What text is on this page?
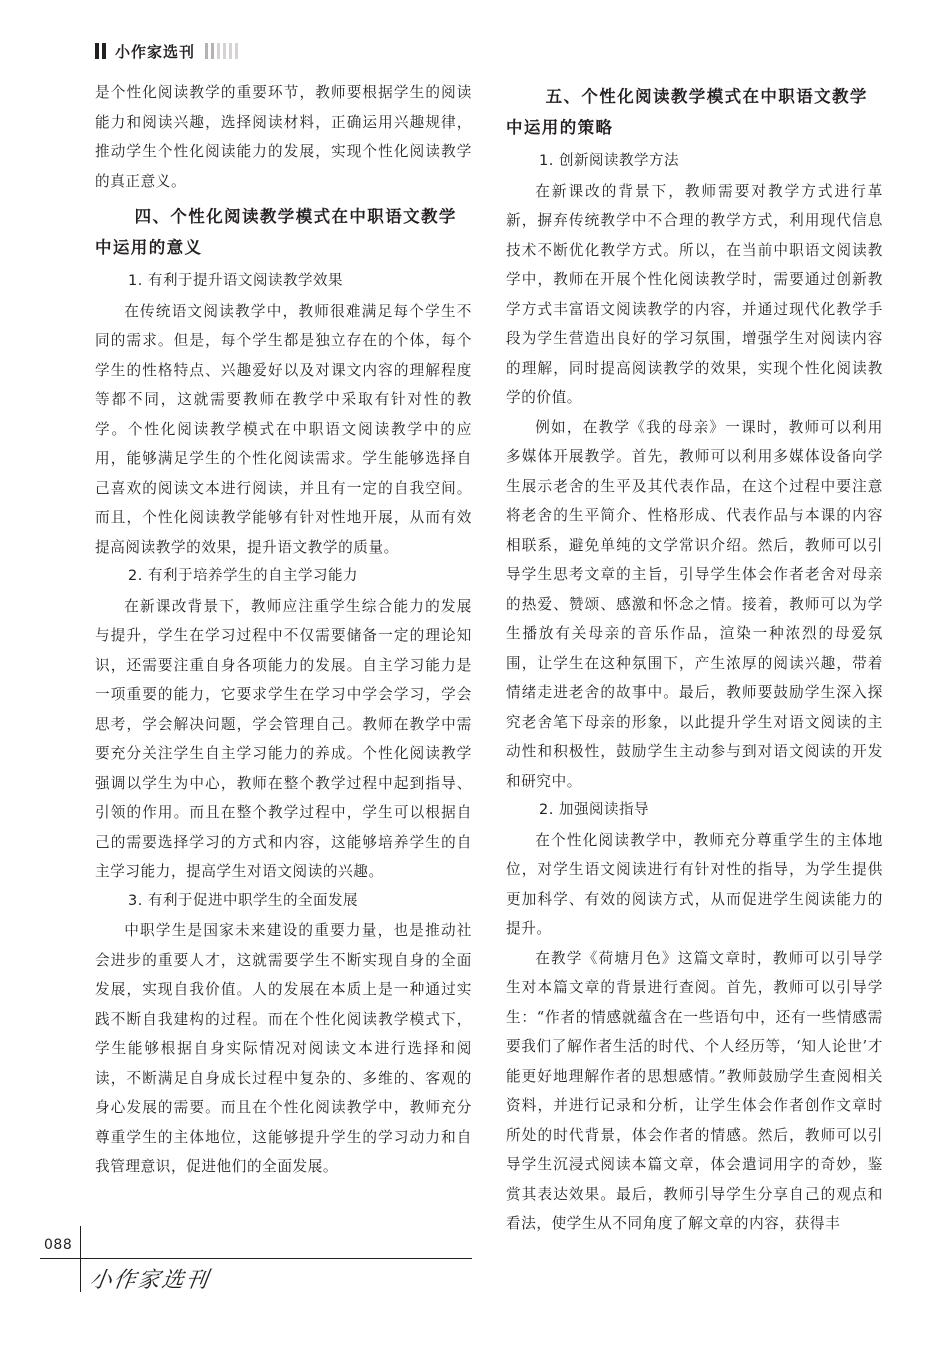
小作家选刊

是个性化阅读教学的重要环节，教师要根据学生的阅读能力和阅读兴趣，选择阅读材料，正确运用兴趣规律，推动学生个性化阅读能力的发展，实现个性化阅读教学的真正意义。

四、个性化阅读教学模式在中职语文教学中运用的意义
1. 有利于提升语文阅读教学效果

在传统语文阅读教学中，教师很难满足每个学生不同的需求。但是，每个学生都是独立存在的个体，每个学生的性格特点、兴趣爱好以及对课文内容的理解程度等都不同，这就需要教师在教学中采取有针对性的教学。个性化阅读教学模式在中职语文阅读教学中的应用，能够满足学生的个性化阅读需求。学生能够选择自己喜欢的阅读文本进行阅读，并且有一定的自我空间。而且，个性化阅读教学能够有针对性地开展，从而有效提高阅读教学的效果，提升语文教学的质量。

2. 有利于培养学生的自主学习能力

在新课改背景下，教师应注重学生综合能力的发展与提升，学生在学习过程中不仅需要储备一定的理论知识，还需要注重自身各项能力的发展。自主学习能力是一项重要的能力，它要求学生在学习中学会学习，学会思考，学会解决问题，学会管理自己。教师在教学中需要充分关注学生自主学习能力的养成。个性化阅读教学强调以学生为中心，教师在整个教学过程中起到指导、引领的作用。而且在整个教学过程中，学生可以根据自己的需要选择学习的方式和内容，这能够培养学生的自主学习能力，提高学生对语文阅读的兴趣。

3. 有利于促进中职学生的全面发展

中职学生是国家未来建设的重要力量，也是推动社会进步的重要人才，这就需要学生不断实现自身的全面发展，实现自我价值。人的发展在本质上是一种通过实践不断自我建构的过程。而在个性化阅读教学模式下，学生能够根据自身实际情况对阅读文本进行选择和阅读，不断满足自身成长过程中复杂的、多维的、客观的身心发展的需要。而且在个性化阅读教学中，教师充分尊重学生的主体地位，这能够提升学生的学习动力和自我管理意识，促进他们的全面发展。

五、个性化阅读教学模式在中职语文教学中运用的策略
1. 创新阅读教学方法

在新课改的背景下，教师需要对教学方式进行革新，摒弃传统教学中不合理的教学方式，利用现代信息技术不断优化教学方式。所以，在当前中职语文阅读教学中，教师在开展个性化阅读教学时，需要通过创新教学方式丰富语文阅读教学的内容，并通过现代化教学手段为学生营造出良好的学习氛围，增强学生对阅读内容的理解，同时提高阅读教学的效果，实现个性化阅读教学的价值。

例如，在教学《我的母亲》一课时，教师可以利用多媒体开展教学。首先，教师可以利用多媒体设备向学生展示老舍的生平及其代表作品，在这个过程中要注意将老舍的生平简介、性格形成、代表作品与本课的内容相联系，避免单纯的文学常识介绍。然后，教师可以引导学生思考文章的主旨，引导学生体会作者老舍对母亲的热爱、赞颂、感激和怀念之情。接着，教师可以为学生播放有关母亲的音乐作品，渲染一种浓烈的母爱氛围，让学生在这种氛围下，产生浓厚的阅读兴趣，带着情绪走进老舍的故事中。最后，教师要鼓励学生深入探究老舍笔下母亲的形象，以此提升学生对语文阅读的主动性和积极性，鼓励学生主动参与到对语文阅读的开发和研究中。

2. 加强阅读指导

在个性化阅读教学中，教师充分尊重学生的主体地位，对学生语文阅读进行有针对性的指导，为学生提供更加科学、有效的阅读方式，从而促进学生阅读能力的提升。

在教学《荷塘月色》这篇文章时，教师可以引导学生对本篇文章的背景进行查阅。首先，教师可以引导学生：“作者的情感就蕴含在一些语句中，还有一些情感需要我们了解作者生活的时代、个人经历等，‘知人论世’才能更好地理解作者的思想感情。”教师鼓励学生查阅相关资料，并进行记录和分析，让学生体会作者创作文章时所处的时代背景，体会作者的情感。然后，教师可以引导学生沉浸式阅读本篇文章，体会遣词用字的奇妙，鉴赏其表达效果。最后，教师引导学生分享自己的观点和看法，使学生从不同角度了解文章的内容，获得丰

088
小作家选刊
